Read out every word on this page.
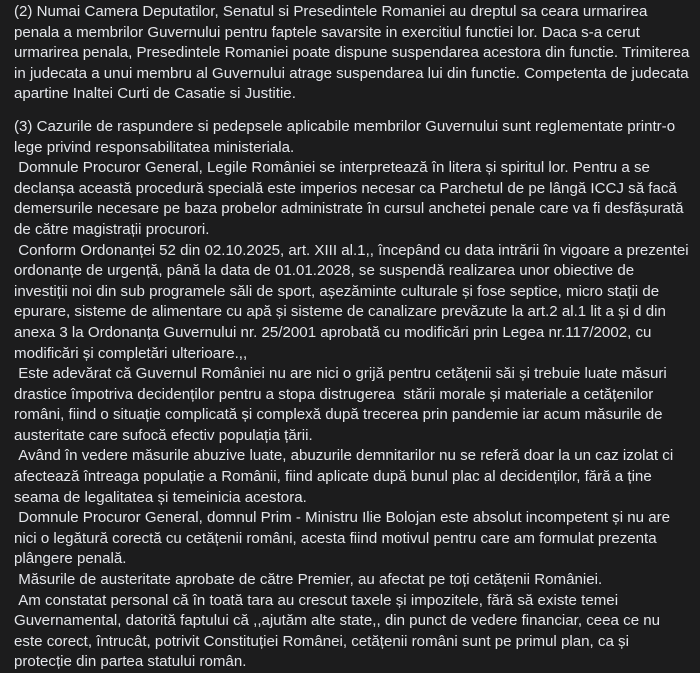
(2) Numai Camera Deputatilor, Senatul si Presedintele Romaniei au dreptul sa ceara urmarirea penala a membrilor Guvernului pentru faptele savarsite in exercitiul functiei lor. Daca s-a cerut urmarirea penala, Presedintele Romaniei poate dispune suspendarea acestora din functie. Trimiterea in judecata a unui membru al Guvernului atrage suspendarea lui din functie. Competenta de judecata apartine Inaltei Curti de Casatie si Justitie.

(3) Cazurile de raspundere si pedepsele aplicabile membrilor Guvernului sunt reglementate printr-o lege privind responsabilitatea ministeriala.

Domnule Procuror General, Legile României se interpretează în litera și spiritul lor. Pentru a se declanșa această procedură specială este imperios necesar ca Parchetul de pe lângă ICCJ să facă demersurile necesare pe baza probelor administrate în cursul anchetei penale care va fi desfășurată de către magistrații procurori.

Conform Ordonanței 52 din 02.10.2025, art. XIII al.1,, începând cu data intrării în vigoare a prezentei ordonanțe de urgență, până la data de 01.01.2028, se suspendă realizarea unor obiective de investiții noi din sub programele săli de sport, așezăminte culturale și fose septice, micro stații de epurare, sisteme de alimentare cu apă și sisteme de canalizare prevăzute la art.2 al.1 lit a și d din anexa 3 la Ordonanța Guvernului nr. 25/2001 aprobată cu modificări prin Legea nr.117/2002, cu modificări și completări ulterioare.,,

Este adevărat că Guvernul României nu are nici o grijă pentru cetățenii săi și trebuie luate măsuri drastice împotriva decidenților pentru a stopa distrugerea  stării morale și materiale a cetățenilor români, fiind o situație complicată și complexă după trecerea prin pandemie iar acum măsurile de austeritate care sufocă efectiv populația țării.

Având în vedere măsurile abuzive luate, abuzurile demnitarilor nu se referă doar la un caz izolat ci afectează întreaga populație a Românii, fiind aplicate după bunul plac al decidenților, fără a ține seama de legalitatea și temeinicia acestora.

Domnule Procuror General, domnul Prim - Ministru Ilie Bolojan este absolut incompetent și nu are nici o legătură corectă cu cetățenii români, acesta fiind motivul pentru care am formulat prezenta plângere penală.

Măsurile de austeritate aprobate de către Premier, au afectat pe toți cetățenii României.

Am constatat personal că în toată tara au crescut taxele și impozitele, fără să existe temei Guvernamental, datorită faptului că ,,ajutăm alte state,, din punct de vedere financiar, ceea ce nu este corect, întrucât, potrivit Constituției Românei, cetățenii români sunt pe primul plan, ca și protecție din partea statului român.
